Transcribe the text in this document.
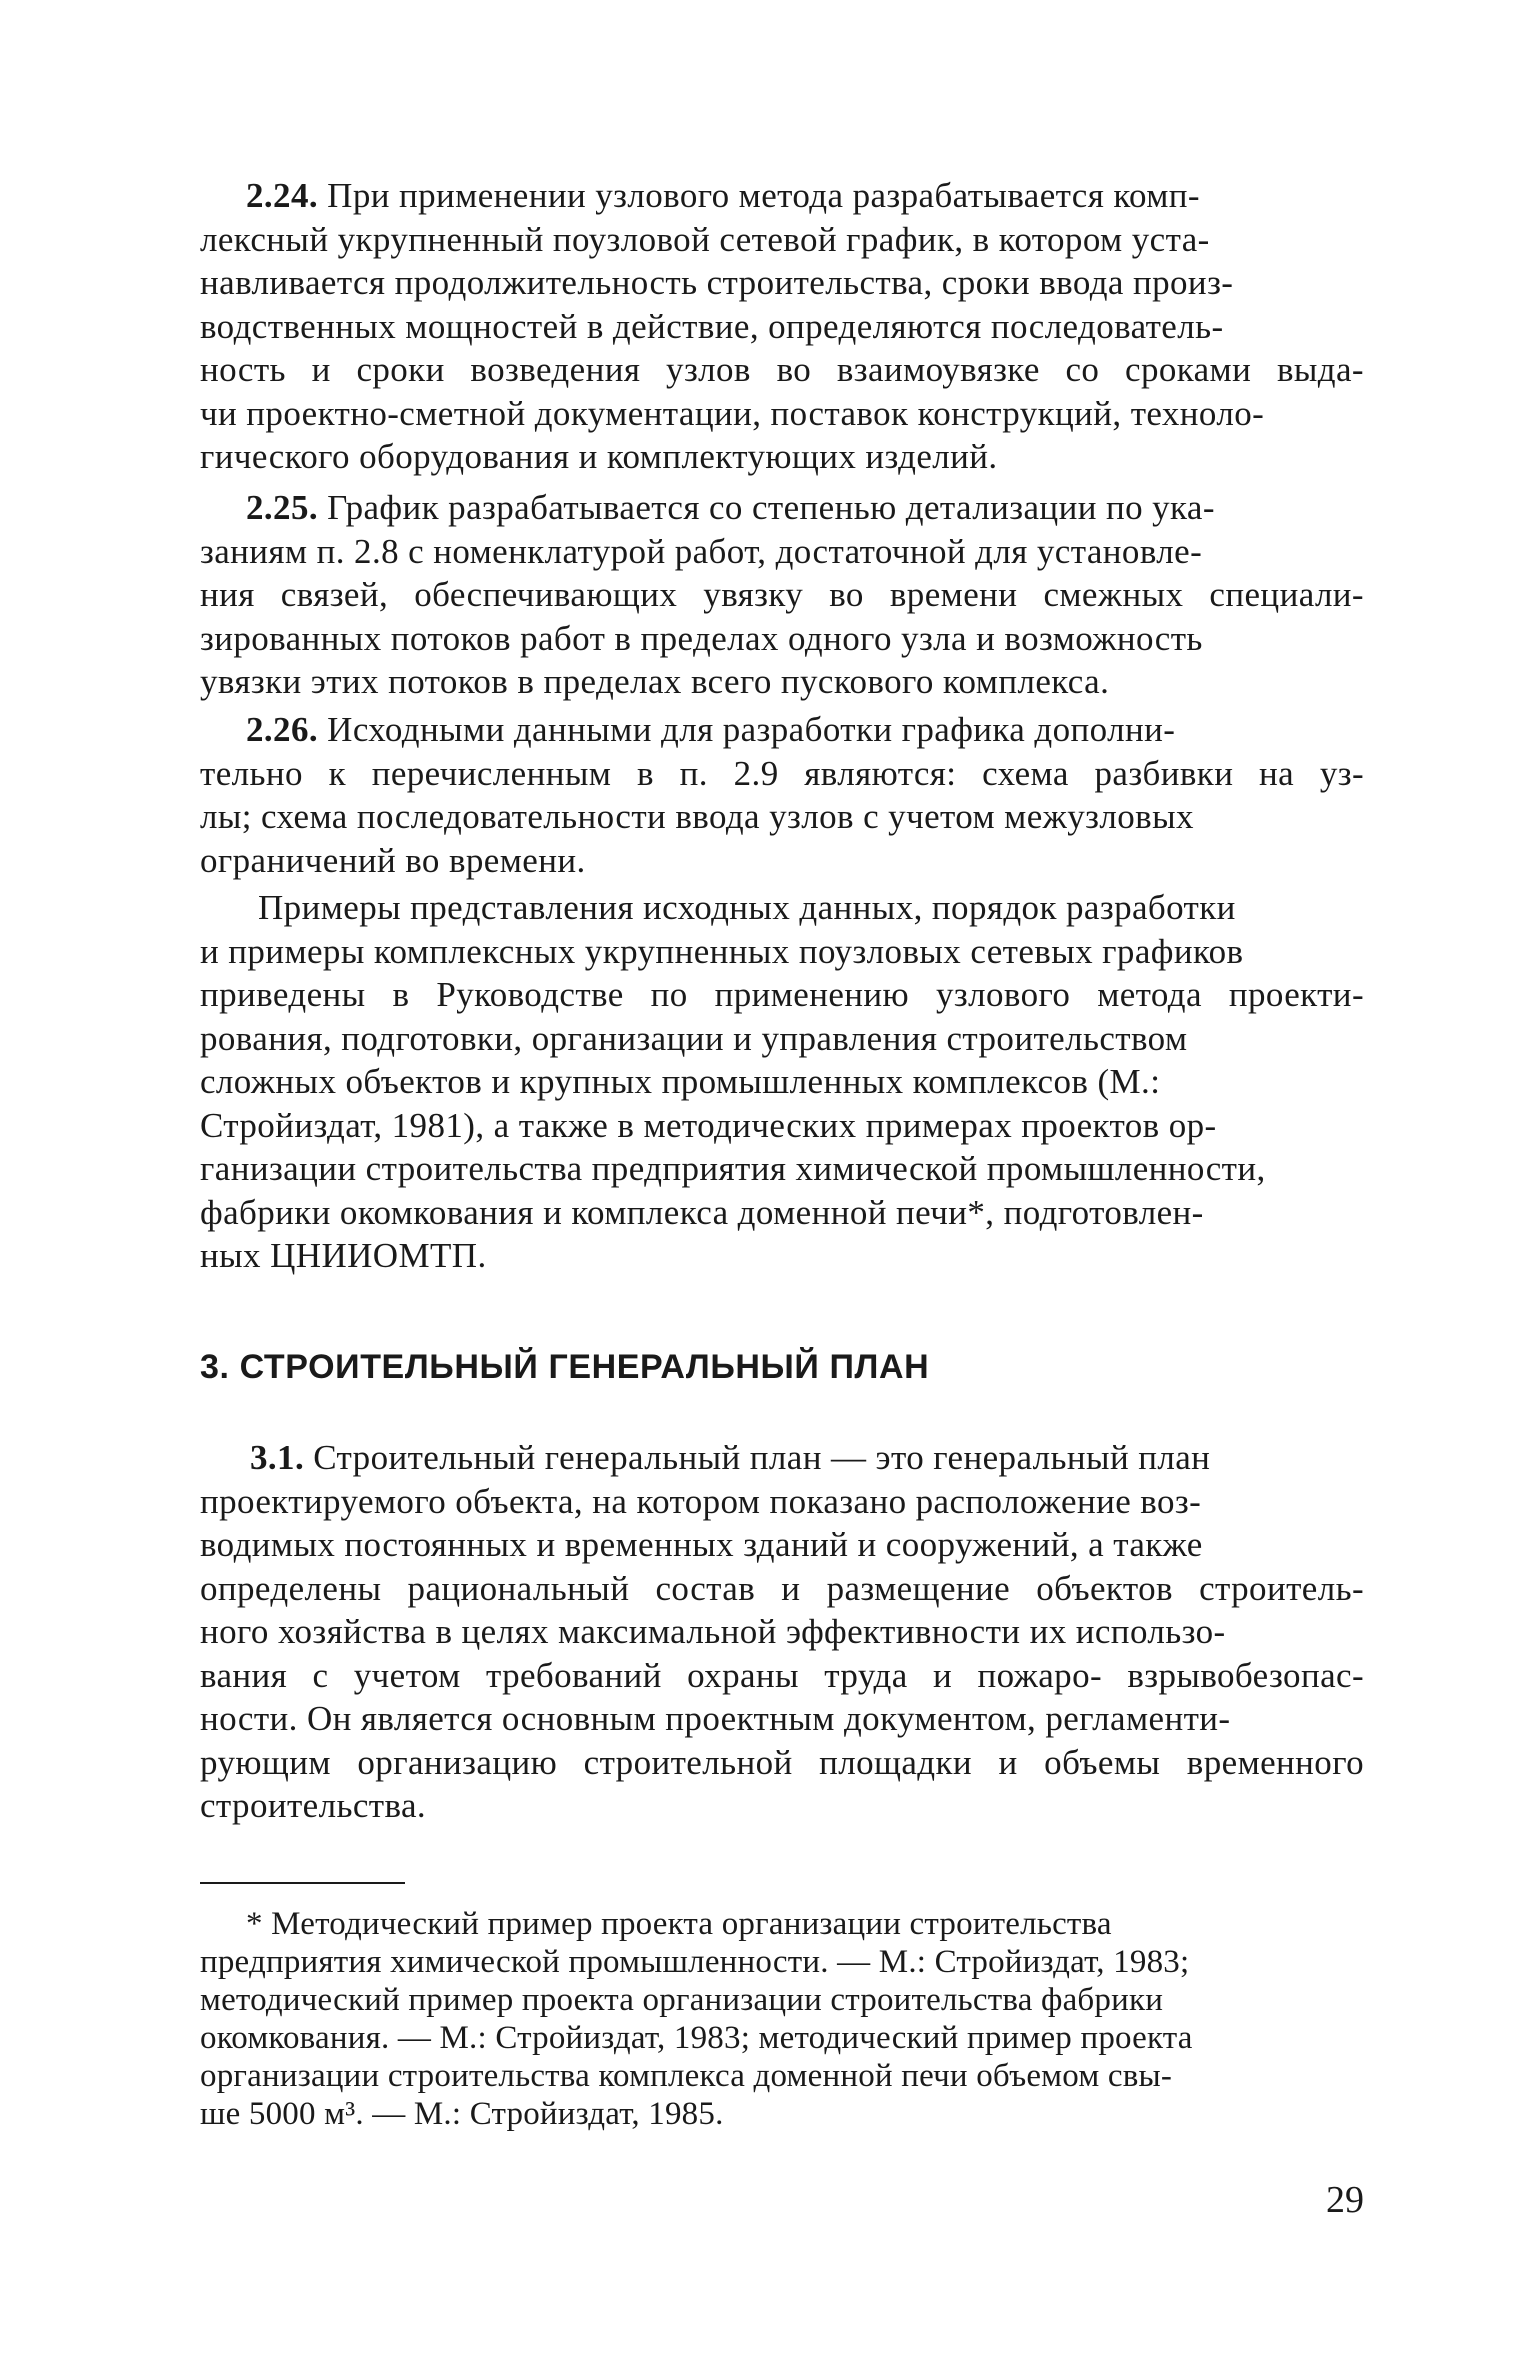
2.24. При применении узлового метода разрабатывается комп-

лексный укрупненный поузловой сетевой график, в котором уста-

навливается продолжительность строительства, сроки ввода произ-

водственных мощностей в действие, определяются последователь-

ность и сроки возведения узлов во взаимоувязке со сроками выда-

чи проектно-сметной документации, поставок конструкций, техноло-

гического оборудования и комплектующих изделий.

2.25. График разрабатывается со степенью детализации по ука-

заниям п. 2.8 с номенклатурой работ, достаточной для установле-

ния связей, обеспечивающих увязку во времени смежных специали-

зированных потоков работ в пределах одного узла и возможность

увязки этих потоков в пределах всего пускового комплекса.

2.26. Исходными данными для разработки графика дополни-

тельно к перечисленным в п. 2.9 являются: схема разбивки на уз-

лы; схема последовательности ввода узлов с учетом межузловых

ограничений во времени.

Примеры представления исходных данных, порядок разработки

и примеры комплексных укрупненных поузловых сетевых графиков

приведены в Руководстве по применению узлового метода проекти-

рования, подготовки, организации и управления строительством

сложных объектов и крупных промышленных комплексов (М.:

Стройиздат, 1981), а также в методических примерах проектов ор-

ганизации строительства предприятия химической промышленности,

фабрики окомкования и комплекса доменной печи*, подготовлен-

ных ЦНИИОМТП.

3. СТРОИТЕЛЬНЫЙ ГЕНЕРАЛЬНЫЙ ПЛАН

3.1. Строительный генеральный план — это генеральный план

проектируемого объекта, на котором показано расположение воз-

водимых постоянных и временных зданий и сооружений, а также

определены рациональный состав и размещение объектов строитель-

ного хозяйства в целях максимальной эффективности их использо-

вания с учетом требований охраны труда и пожаро- взрывобезопас-

ности. Он является основным проектным документом, регламенти-

рующим организацию строительной площадки и объемы временного

строительства.

* Методический пример проекта организации строительства

предприятия химической промышленности. — М.: Стройиздат, 1983;

методический пример проекта организации строительства фабрики

окомкования. — М.: Стройиздат, 1983; методический пример проекта

организации строительства комплекса доменной печи объемом свы-

ше 5000 м³. — М.: Стройиздат, 1985.

29
